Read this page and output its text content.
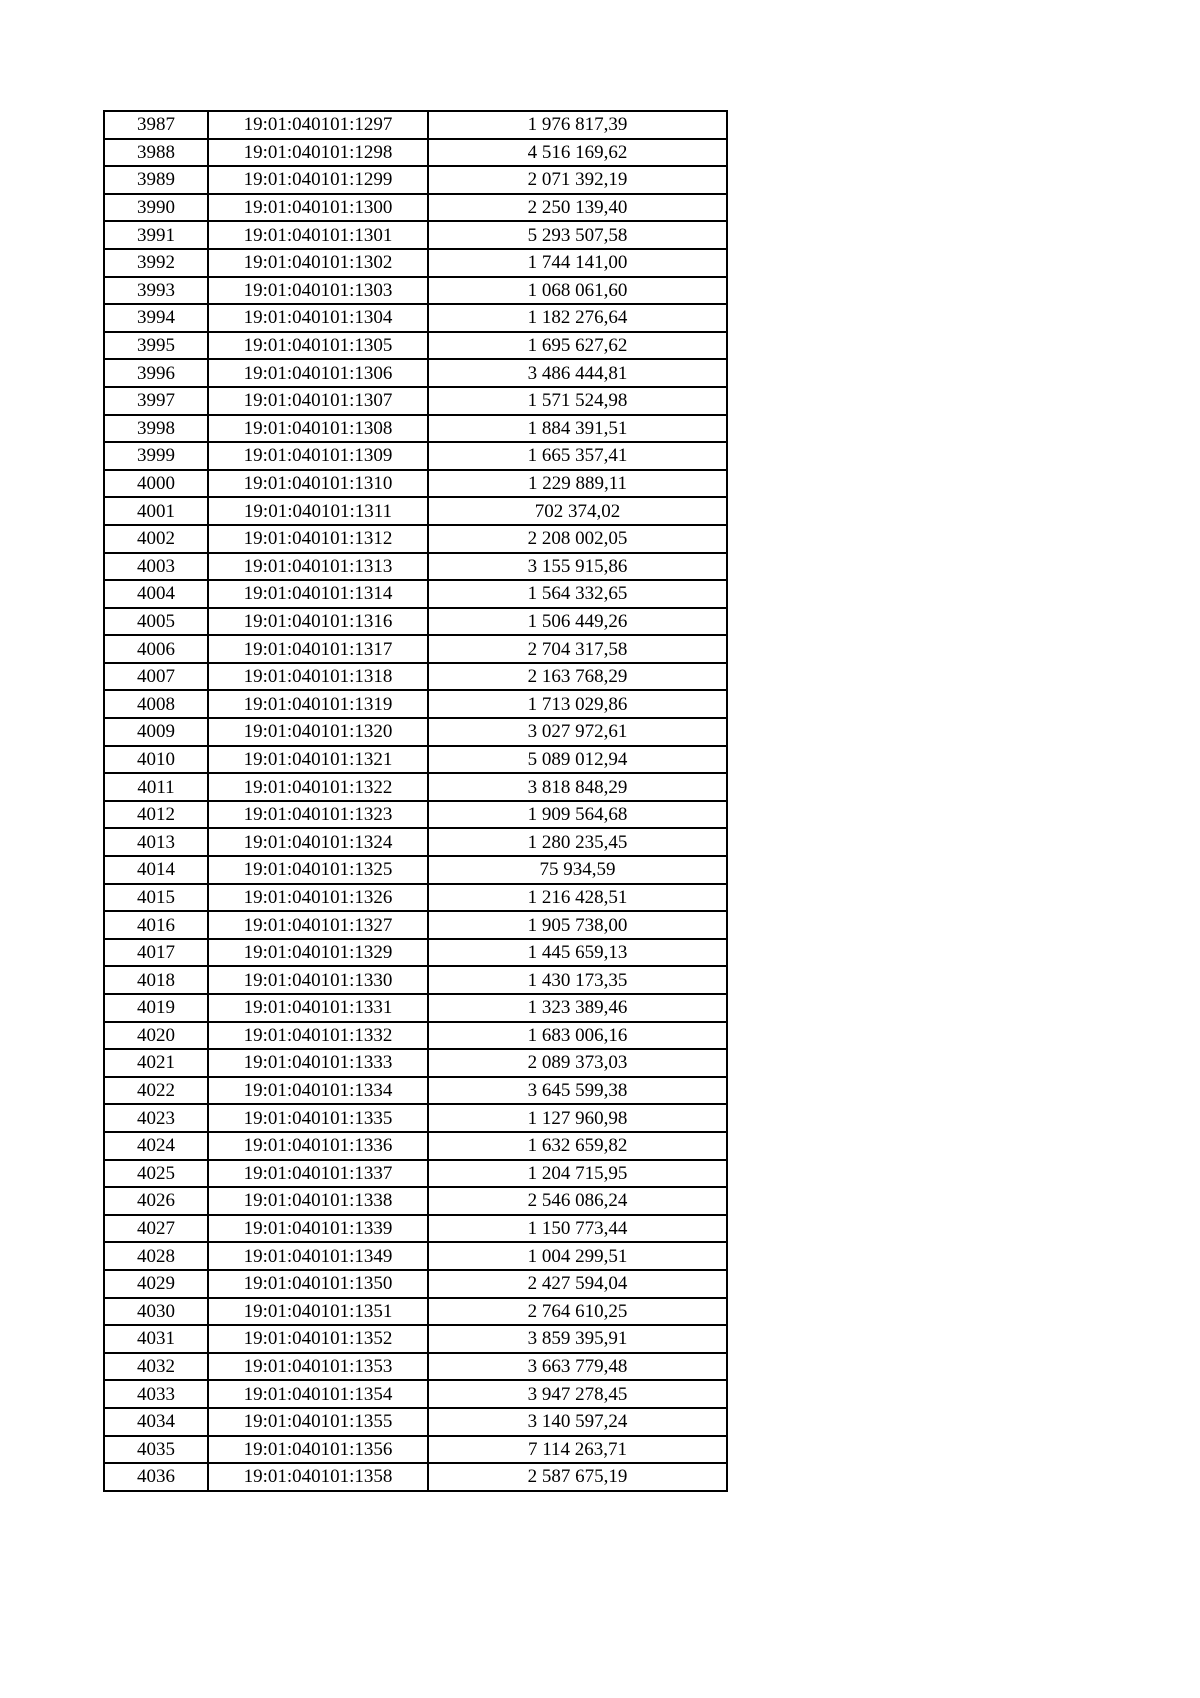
3987	19:01:040101:1297	1 976 817,39
3988	19:01:040101:1298	4 516 169,62
3989	19:01:040101:1299	2 071 392,19
3990	19:01:040101:1300	2 250 139,40
3991	19:01:040101:1301	5 293 507,58
3992	19:01:040101:1302	1 744 141,00
3993	19:01:040101:1303	1 068 061,60
3994	19:01:040101:1304	1 182 276,64
3995	19:01:040101:1305	1 695 627,62
3996	19:01:040101:1306	3 486 444,81
3997	19:01:040101:1307	1 571 524,98
3998	19:01:040101:1308	1 884 391,51
3999	19:01:040101:1309	1 665 357,41
4000	19:01:040101:1310	1 229 889,11
4001	19:01:040101:1311	702 374,02
4002	19:01:040101:1312	2 208 002,05
4003	19:01:040101:1313	3 155 915,86
4004	19:01:040101:1314	1 564 332,65
4005	19:01:040101:1316	1 506 449,26
4006	19:01:040101:1317	2 704 317,58
4007	19:01:040101:1318	2 163 768,29
4008	19:01:040101:1319	1 713 029,86
4009	19:01:040101:1320	3 027 972,61
4010	19:01:040101:1321	5 089 012,94
4011	19:01:040101:1322	3 818 848,29
4012	19:01:040101:1323	1 909 564,68
4013	19:01:040101:1324	1 280 235,45
4014	19:01:040101:1325	75 934,59
4015	19:01:040101:1326	1 216 428,51
4016	19:01:040101:1327	1 905 738,00
4017	19:01:040101:1329	1 445 659,13
4018	19:01:040101:1330	1 430 173,35
4019	19:01:040101:1331	1 323 389,46
4020	19:01:040101:1332	1 683 006,16
4021	19:01:040101:1333	2 089 373,03
4022	19:01:040101:1334	3 645 599,38
4023	19:01:040101:1335	1 127 960,98
4024	19:01:040101:1336	1 632 659,82
4025	19:01:040101:1337	1 204 715,95
4026	19:01:040101:1338	2 546 086,24
4027	19:01:040101:1339	1 150 773,44
4028	19:01:040101:1349	1 004 299,51
4029	19:01:040101:1350	2 427 594,04
4030	19:01:040101:1351	2 764 610,25
4031	19:01:040101:1352	3 859 395,91
4032	19:01:040101:1353	3 663 779,48
4033	19:01:040101:1354	3 947 278,45
4034	19:01:040101:1355	3 140 597,24
4035	19:01:040101:1356	7 114 263,71
4036	19:01:040101:1358	2 587 675,19
